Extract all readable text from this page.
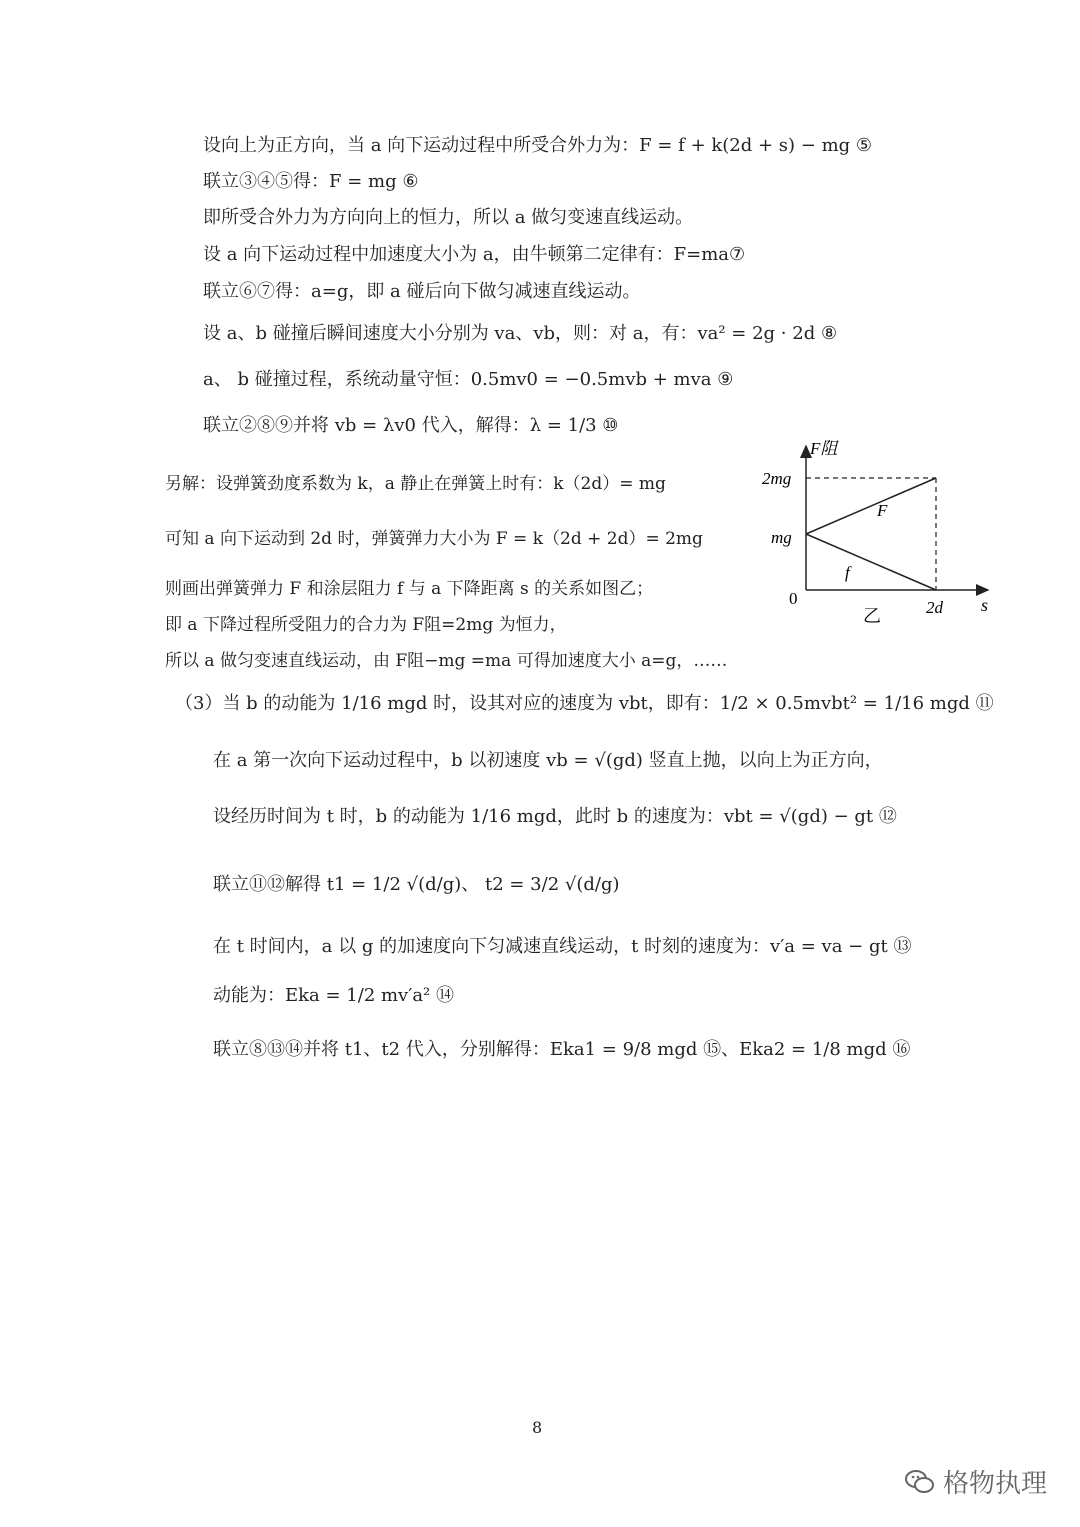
设向上为正方向，当 a 向下运动过程中所受合外力为：F = f + k(2d + s) − mg ⑤
联立③④⑤得：F = mg ⑥
即所受合外力为方向向上的恒力，所以 a 做匀变速直线运动。
设 a 向下运动过程中加速度大小为 a，由牛顿第二定律有：F=ma⑦
联立⑥⑦得：a=g，即 a 碰后向下做匀减速直线运动。
设 a、b 碰撞后瞬间速度大小分别为 va、vb，则：对 a，有：va² = 2g · 2d ⑧
a、 b 碰撞过程，系统动量守恒：0.5mv0 = −0.5mvb + mva ⑨
联立②⑧⑨并将 vb = λv0 代入，解得：λ = 1/3 ⑩
另解：设弹簧劲度系数为 k，a 静止在弹簧上时有：k（2d）= mg
可知 a 向下运动到 2d 时，弹簧弹力大小为 F = k（2d + 2d）= 2mg
则画出弹簧弹力 F 和涂层阻力 f 与 a 下降距离 s 的关系如图乙；
即 a 下降过程所受阻力的合力为 F阻=2mg 为恒力，
所以 a 做匀变速直线运动，由 F阻−mg =ma 可得加速度大小 a=g，……
（3）当 b 的动能为 1/16 mgd 时，设其对应的速度为 vbt，即有：1/2 × 0.5mvbt² = 1/16 mgd ⑪
在 a 第一次向下运动过程中，b 以初速度 vb = √(gd) 竖直上抛，以向上为正方向，
设经历时间为 t 时，b 的动能为 1/16 mgd，此时 b 的速度为：vbt = √(gd) − gt ⑫
联立⑪⑫解得 t1 = 1/2 √(d/g)、 t2 = 3/2 √(d/g)
在 t 时间内，a 以 g 的加速度向下匀减速直线运动，t 时刻的速度为：v′a = va − gt ⑬
动能为：Eka = 1/2 mv′a² ⑭
联立⑧⑬⑭并将 t1、t2 代入，分别解得：Eka1 = 9/8 mgd ⑮、Eka2 = 1/8 mgd ⑯
F阻
s
0
2mg
mg
2d
F
f
乙
8
格物执理
